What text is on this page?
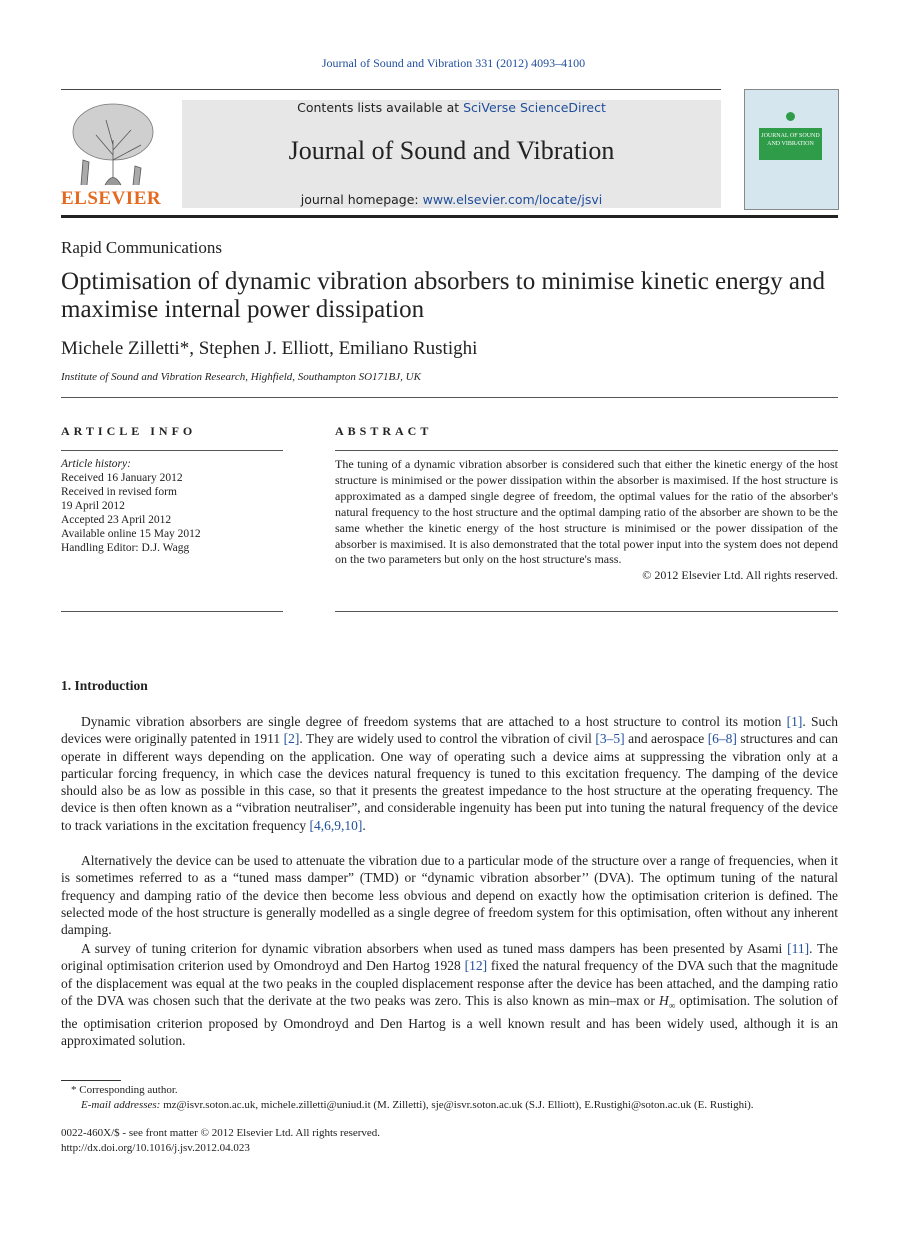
Journal of Sound and Vibration 331 (2012) 4093–4100
ELSEVIER
Contents lists available at SciVerse ScienceDirect
Journal of Sound and Vibration
journal homepage: www.elsevier.com/locate/jsvi
JOURNAL OF SOUND AND VIBRATION
Rapid Communications
Optimisation of dynamic vibration absorbers to minimise kinetic energy and maximise internal power dissipation
Michele Zilletti*, Stephen J. Elliott, Emiliano Rustighi
Institute of Sound and Vibration Research, Highfield, Southampton SO171BJ, UK
ARTICLE INFO
Article history:
Received 16 January 2012
Received in revised form
19 April 2012
Accepted 23 April 2012
Available online 15 May 2012
Handling Editor: D.J. Wagg
ABSTRACT
The tuning of a dynamic vibration absorber is considered such that either the kinetic energy of the host structure is minimised or the power dissipation within the absorber is maximised. If the host structure is approximated as a damped single degree of freedom, the optimal values for the ratio of the absorber's natural frequency to the host structure and the optimal damping ratio of the absorber are shown to be the same whether the kinetic energy of the host structure is minimised or the power dissipation of the absorber is maximised. It is also demonstrated that the total power input into the system does not depend on the two parameters but only on the host structure's mass.
© 2012 Elsevier Ltd. All rights reserved.
1. Introduction

Dynamic vibration absorbers are single degree of freedom systems that are attached to a host structure to control its motion [1]. Such devices were originally patented in 1911 [2]. They are widely used to control the vibration of civil [3–5] and aerospace [6–8] structures and can operate in different ways depending on the application. One way of operating such a device aims at suppressing the vibration only at a particular forcing frequency, in which case the devices natural frequency is tuned to this excitation frequency. The damping of the device should also be as low as possible in this case, so that it presents the greatest impedance to the host structure at the operating frequency. The device is then often known as a “vibration neutraliser”, and considerable ingenuity has been put into tuning the natural frequency of the device to track variations in the excitation frequency [4,6,9,10].

Alternatively the device can be used to attenuate the vibration due to a particular mode of the structure over a range of frequencies, when it is sometimes referred to as a “tuned mass damper” (TMD) or “dynamic vibration absorber’’ (DVA). The optimum tuning of the natural frequency and damping ratio of the device then become less obvious and depend on exactly how the optimisation criterion is defined. The selected mode of the host structure is generally modelled as a single degree of freedom system for this optimisation, often without any inherent damping.

A survey of tuning criterion for dynamic vibration absorbers when used as tuned mass dampers has been presented by Asami [11]. The original optimisation criterion used by Omondroyd and Den Hartog 1928 [12] fixed the natural frequency of the DVA such that the magnitude of the displacement was equal at the two peaks in the coupled displacement response after the device has been attached, and the damping ratio of the DVA was chosen such that the derivate at the two peaks was zero. This is also known as min–max or $H_\infty$ optimisation. The solution of the optimisation criterion proposed by Omondroyd and Den Hartog is a well known result and has been widely used, although it is an approximated solution.

* Corresponding author.
E-mail addresses: mz@isvr.soton.ac.uk, michele.zilletti@uniud.it (M. Zilletti), sje@isvr.soton.ac.uk (S.J. Elliott), E.Rustighi@soton.ac.uk (E. Rustighi).
0022-460X/$ - see front matter © 2012 Elsevier Ltd. All rights reserved.
http://dx.doi.org/10.1016/j.jsv.2012.04.023
